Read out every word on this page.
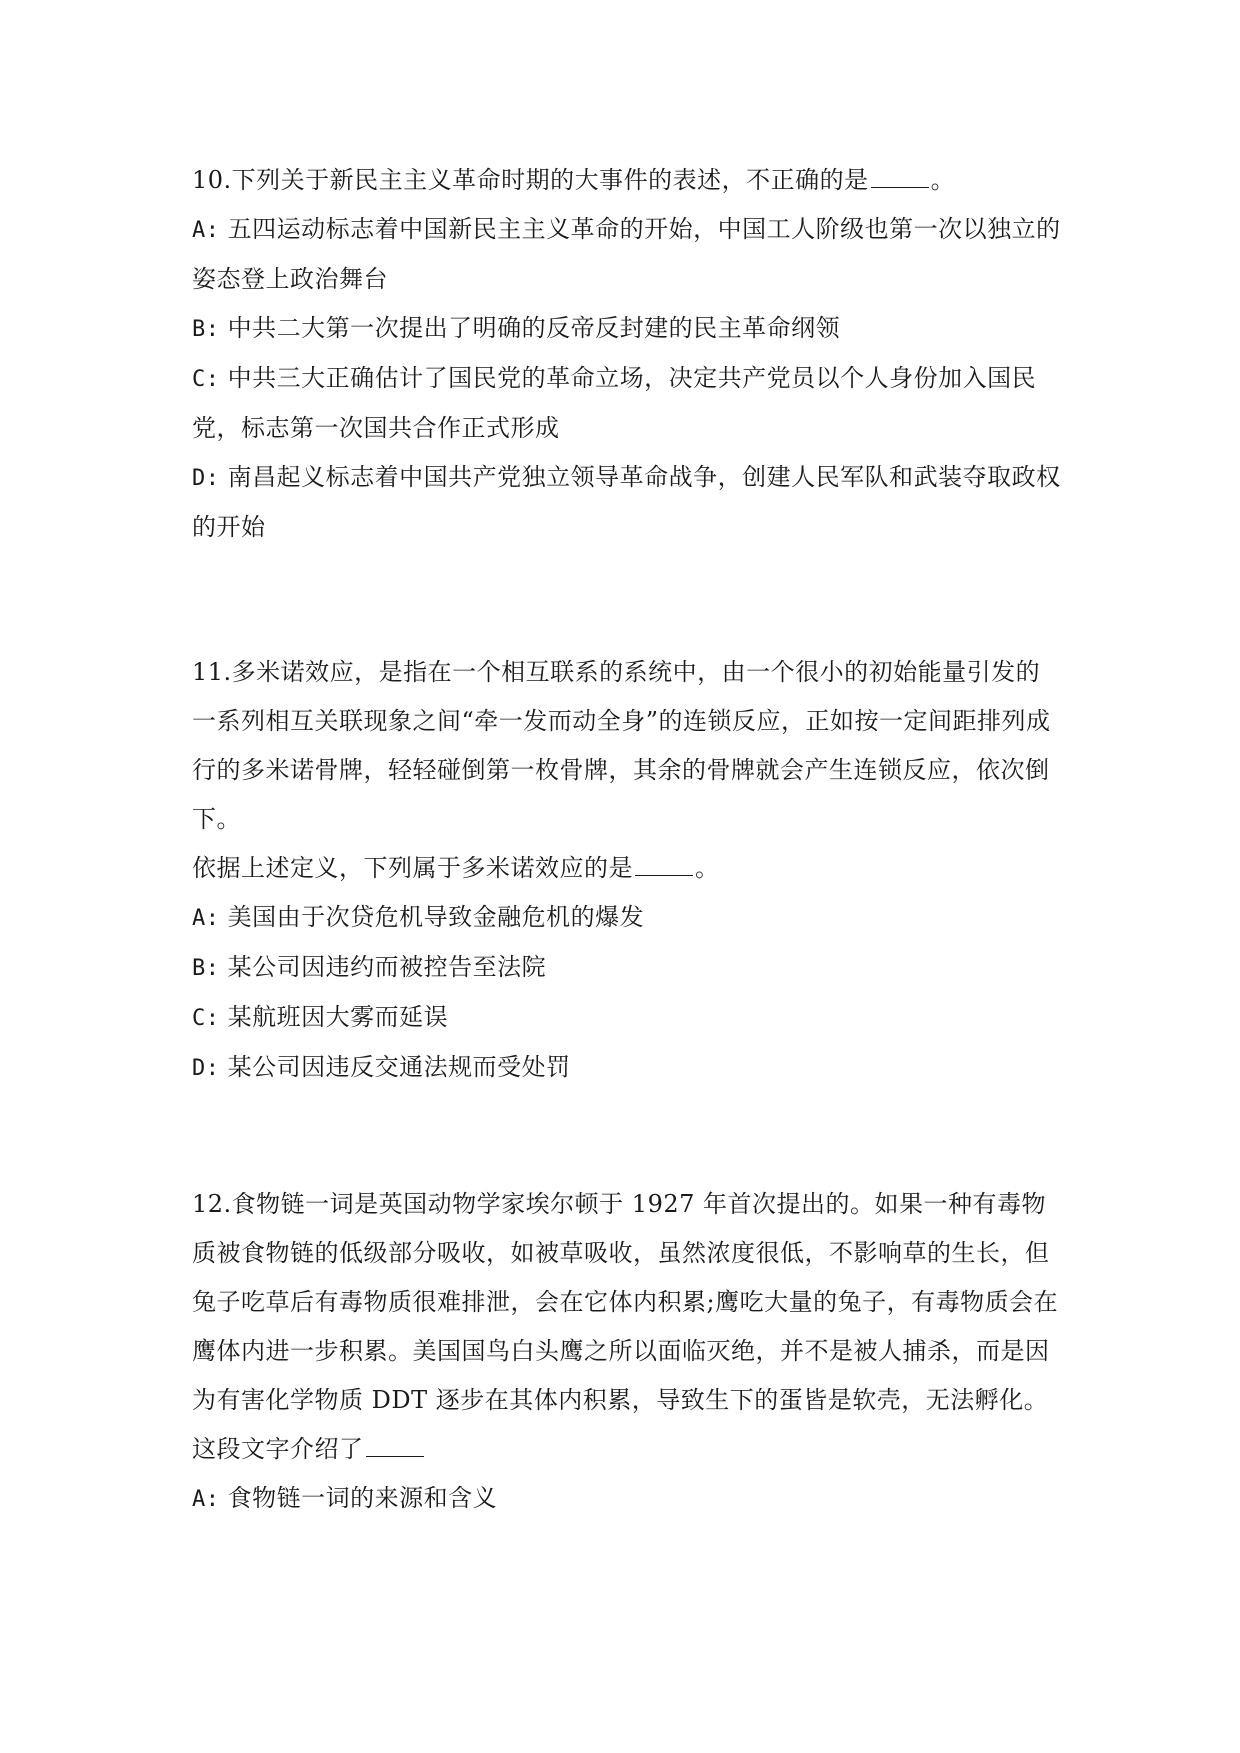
10.下列关于新民主主义革命时期的大事件的表述，不正确的是	。

A: 五四运动标志着中国新民主主义革命的开始，中国工人阶级也第一次以独立的姿态登上政治舞台

B: 中共二大第一次提出了明确的反帝反封建的民主革命纲领

C: 中共三大正确估计了国民党的革命立场，决定共产党员以个人身份加入国民党，标志第一次国共合作正式形成

D: 南昌起义标志着中国共产党独立领导革命战争，创建人民军队和武装夺取政权的开始

11.多米诺效应，是指在一个相互联系的系统中，由一个很小的初始能量引发的一系列相互关联现象之间“牵一发而动全身”的连锁反应，正如按一定间距排列成行的多米诺骨牌，轻轻碰倒第一枚骨牌，其余的骨牌就会产生连锁反应，依次倒下。

依据上述定义，下列属于多米诺效应的是	。

A: 美国由于次贷危机导致金融危机的爆发

B: 某公司因违约而被控告至法院

C: 某航班因大雾而延误

D: 某公司因违反交通法规而受处罚

12.食物链一词是英国动物学家埃尔顿于 1927 年首次提出的。如果一种有毒物质被食物链的低级部分吸收，如被草吸收，虽然浓度很低，不影响草的生长，但兔子吃草后有毒物质很难排泄，会在它体内积累;鹰吃大量的兔子，有毒物质会在鹰体内进一步积累。美国国鸟白头鹰之所以面临灭绝，并不是被人捕杀，而是因为有害化学物质 DDT 逐步在其体内积累，导致生下的蛋皆是软壳，无法孵化。

这段文字介绍了

A: 食物链一词的来源和含义
